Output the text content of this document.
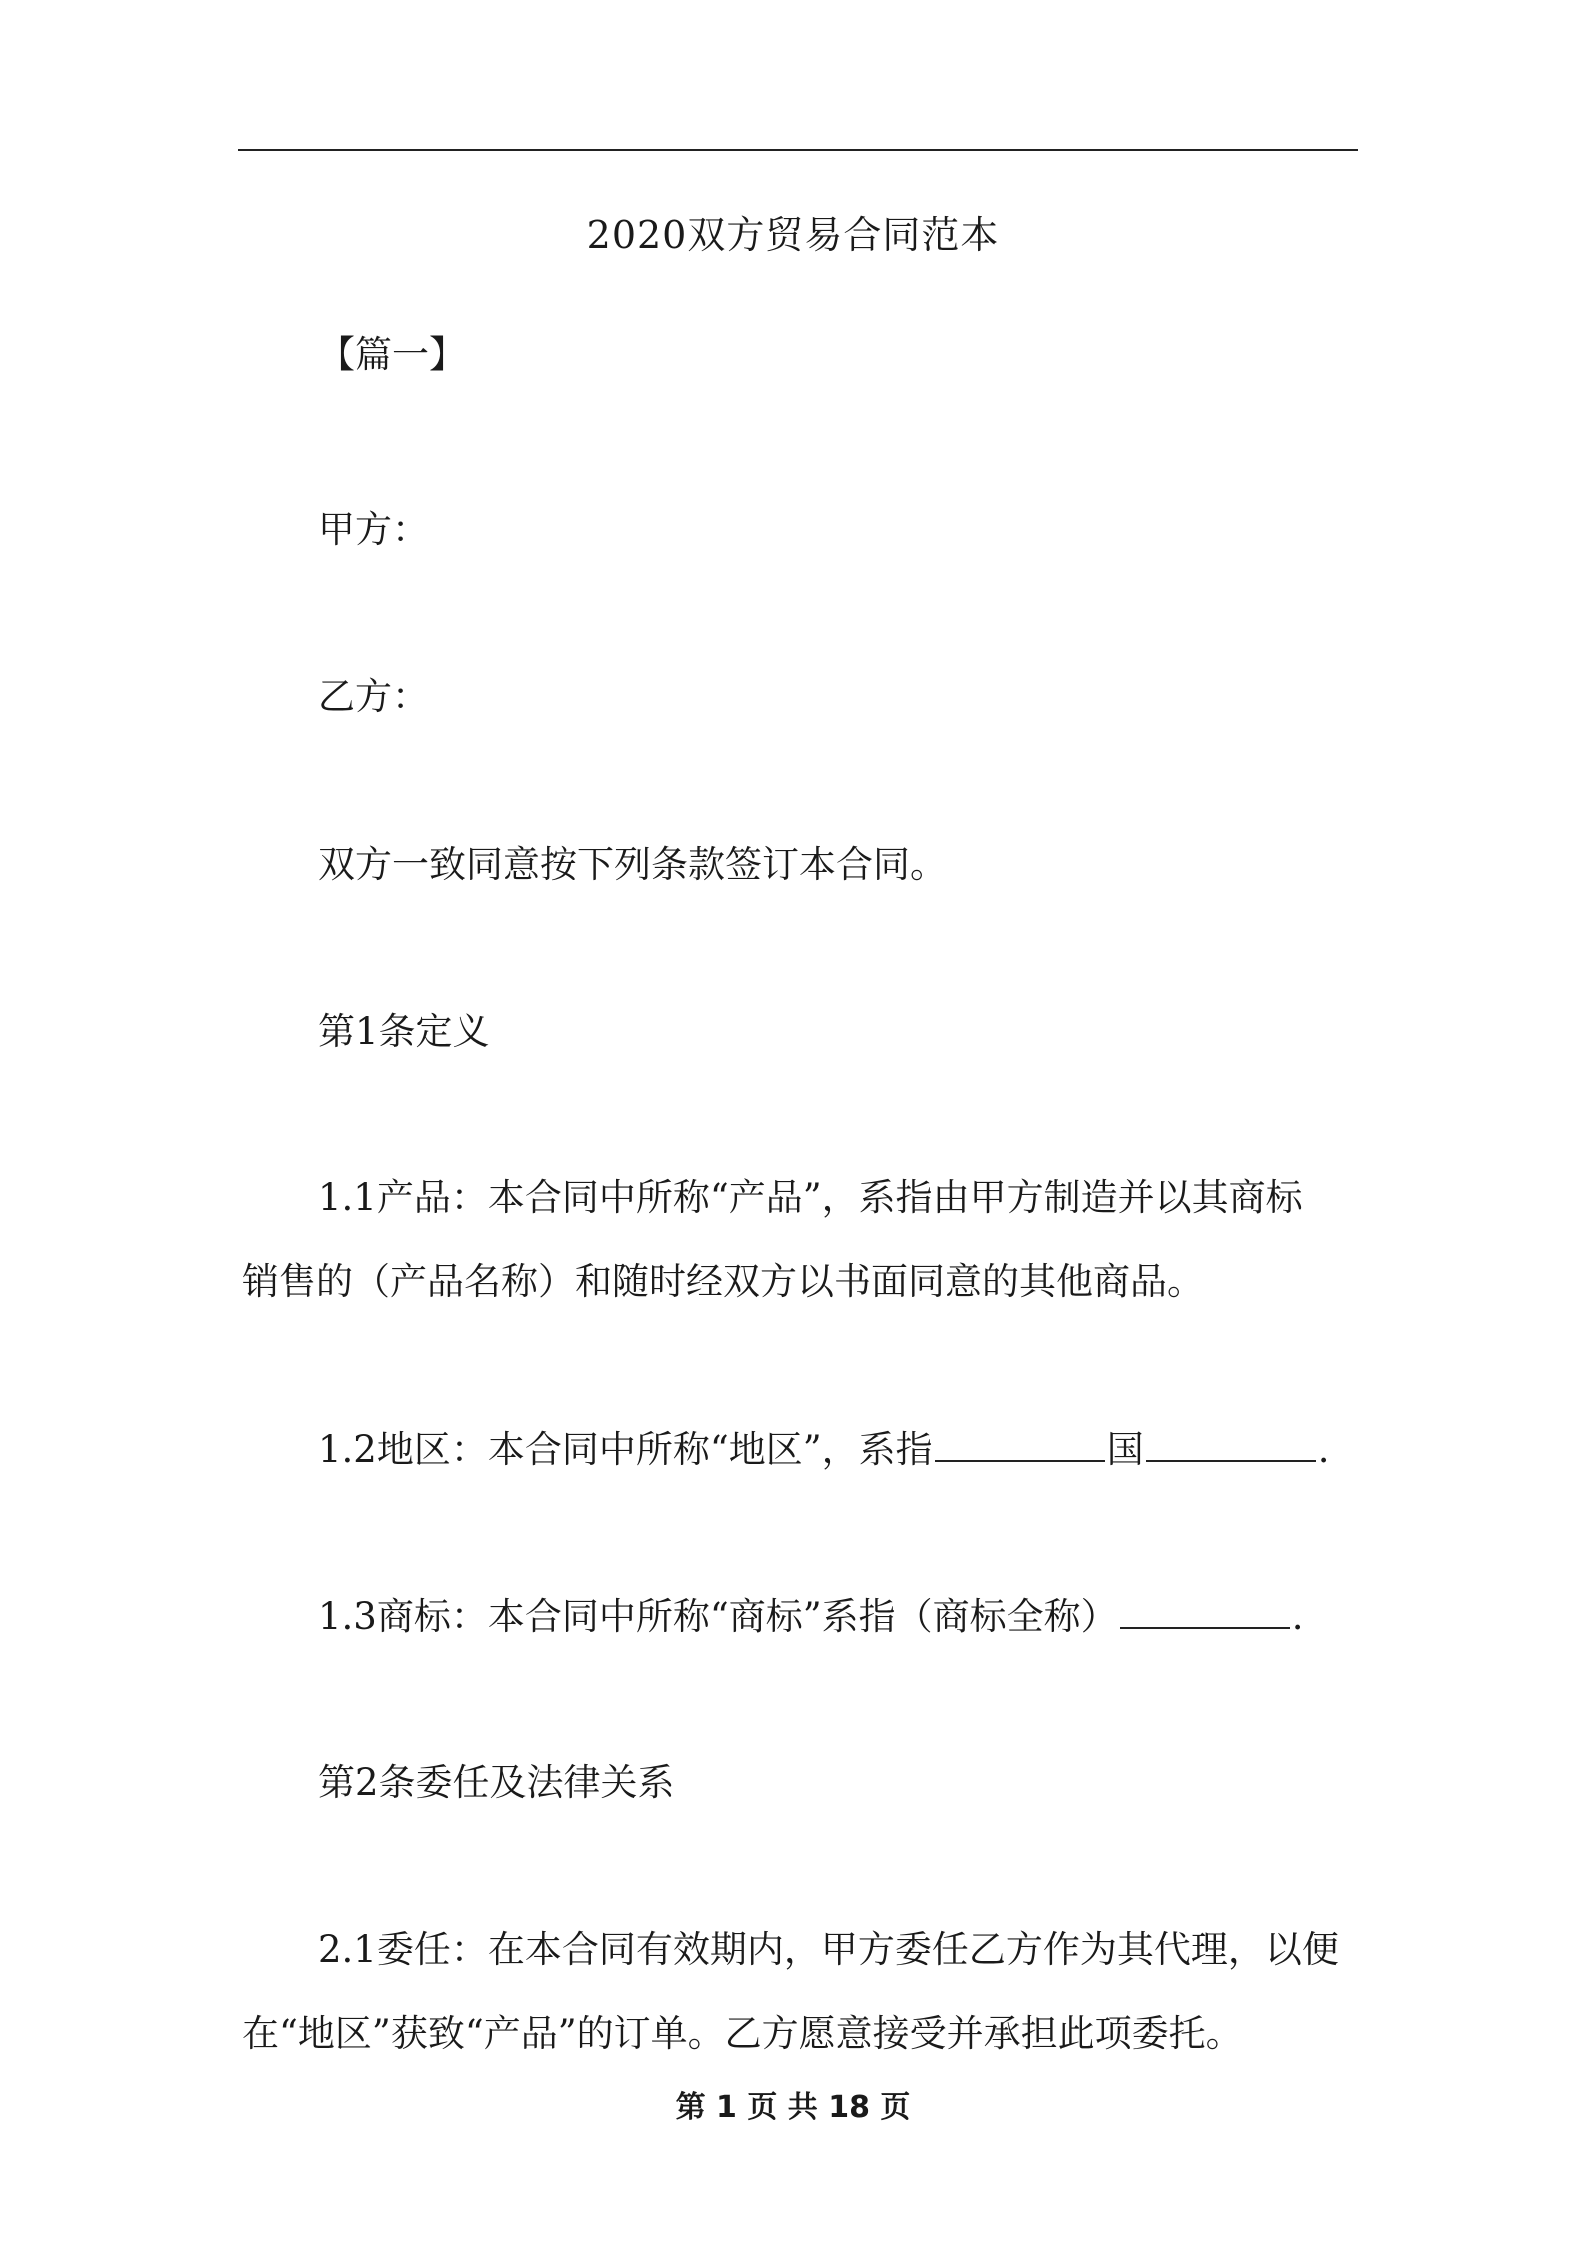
2020双方贸易合同范本
【篇一】
甲方：
乙方：
双方一致同意按下列条款签订本合同。
第1条定义
1.1产品：本合同中所称“产品”，系指由甲方制造并以其商标
销售的（产品名称）和随时经双方以书面同意的其他商品。
1.2地区：本合同中所称“地区”，系指	国	.
1.3商标：本合同中所称“商标”系指（商标全称）	.
第2条委任及法律关系
2.1委任：在本合同有效期内，甲方委任乙方作为其代理，以便
在“地区”获致“产品”的订单。乙方愿意接受并承担此项委托。
第 1 页 共 18 页
